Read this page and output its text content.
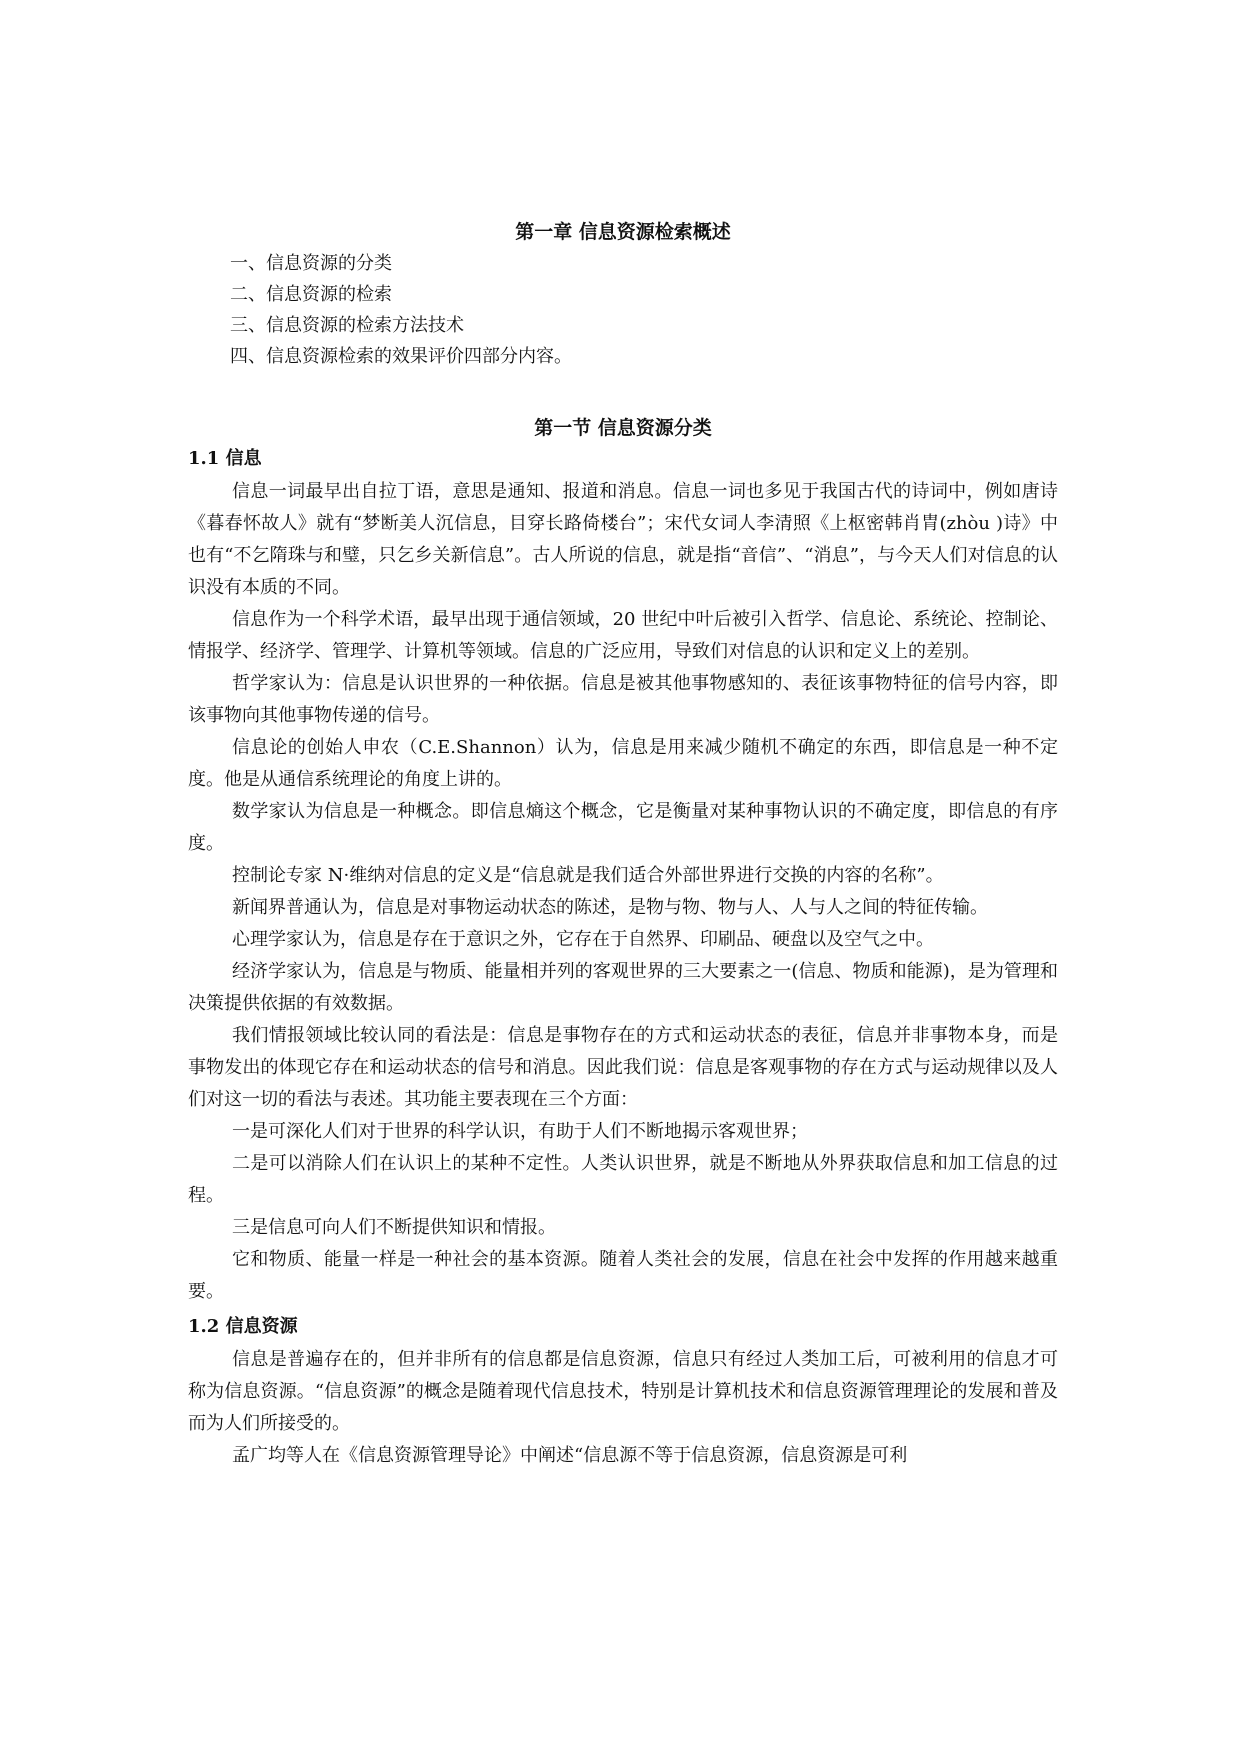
第一章 信息资源检索概述

一、信息资源的分类

二、信息资源的检索

三、信息资源的检索方法技术

四、信息资源检索的效果评价四部分内容。

第一节 信息资源分类

1.1 信息

信息一词最早出自拉丁语，意思是通知、报道和消息。信息一词也多见于我国古代的诗词中，例如唐诗《暮春怀故人》就有“梦断美人沉信息，目穿长路倚楼台”；宋代女词人李清照《上枢密韩肖胄(zhòu )诗》中也有“不乞隋珠与和璧，只乞乡关新信息”。古人所说的信息，就是指“音信”、“消息”，与今天人们对信息的认识没有本质的不同。

信息作为一个科学术语，最早出现于通信领域，20 世纪中叶后被引入哲学、信息论、系统论、控制论、情报学、经济学、管理学、计算机等领域。信息的广泛应用，导致们对信息的认识和定义上的差别。

哲学家认为：信息是认识世界的一种依据。信息是被其他事物感知的、表征该事物特征的信号内容，即该事物向其他事物传递的信号。

信息论的创始人申农（C.E.Shannon）认为，信息是用来减少随机不确定的东西，即信息是一种不定度。他是从通信系统理论的角度上讲的。

数学家认为信息是一种概念。即信息熵这个概念，它是衡量对某种事物认识的不确定度，即信息的有序度。

控制论专家 N·维纳对信息的定义是“信息就是我们适合外部世界进行交换的内容的名称”。

新闻界普通认为，信息是对事物运动状态的陈述，是物与物、物与人、人与人之间的特征传输。

心理学家认为，信息是存在于意识之外，它存在于自然界、印刷品、硬盘以及空气之中。

经济学家认为，信息是与物质、能量相并列的客观世界的三大要素之一(信息、物质和能源)，是为管理和决策提供依据的有效数据。

我们情报领域比较认同的看法是：信息是事物存在的方式和运动状态的表征，信息并非事物本身，而是事物发出的体现它存在和运动状态的信号和消息。因此我们说：信息是客观事物的存在方式与运动规律以及人们对这一切的看法与表述。其功能主要表现在三个方面：

一是可深化人们对于世界的科学认识，有助于人们不断地揭示客观世界；

二是可以消除人们在认识上的某种不定性。人类认识世界，就是不断地从外界获取信息和加工信息的过程。

三是信息可向人们不断提供知识和情报。

它和物质、能量一样是一种社会的基本资源。随着人类社会的发展，信息在社会中发挥的作用越来越重要。

1.2 信息资源

信息是普遍存在的，但并非所有的信息都是信息资源，信息只有经过人类加工后，可被利用的信息才可称为信息资源。“信息资源”的概念是随着现代信息技术，特别是计算机技术和信息资源管理理论的发展和普及而为人们所接受的。

孟广均等人在《信息资源管理导论》中阐述“信息源不等于信息资源，信息资源是可利
